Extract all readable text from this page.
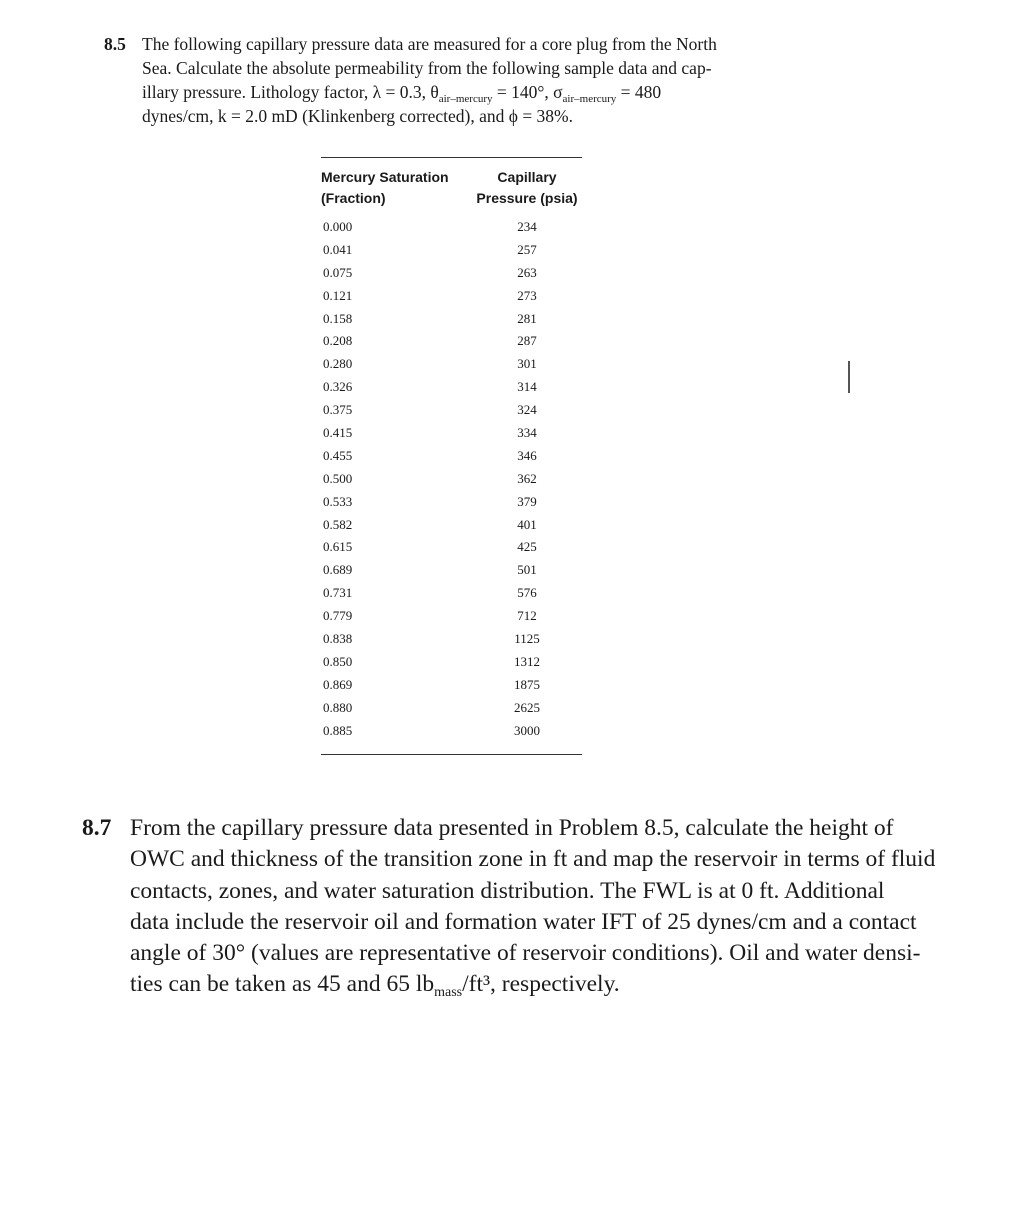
8.5 The following capillary pressure data are measured for a core plug from the North
Sea. Calculate the absolute permeability from the following sample data and cap-
illary pressure. Lithology factor, λ = 0.3, $\theta_{air-mercury} = 140^\circ$, $\sigma_{air-mercury} = 480$
dynes/cm, k = 2.0 mD (Klinkenberg corrected), and ϕ = 38%.
Mercury Saturation
(Fraction)
Capillary
Pressure (psia)
0.000	234
0.041	257
0.075	263
0.121	273
0.158	281
0.208	287
0.280	301
0.326	314
0.375	324
0.415	334
0.455	346
0.500	362
0.533	379
0.582	401
0.615	425
0.689	501
0.731	576
0.779	712
0.838	1125
0.850	1312
0.869	1875
0.880	2625
0.885	3000
8.7 From the capillary pressure data presented in Problem 8.5, calculate the height of
OWC and thickness of the transition zone in ft and map the reservoir in terms of fluid
contacts, zones, and water saturation distribution. The FWL is at 0 ft. Additional
data include the reservoir oil and formation water IFT of 25 dynes/cm and a contact
angle of 30° (values are representative of reservoir conditions). Oil and water densi-
ties can be taken as 45 and 65 $lb_{mass}$/ft³, respectively.
